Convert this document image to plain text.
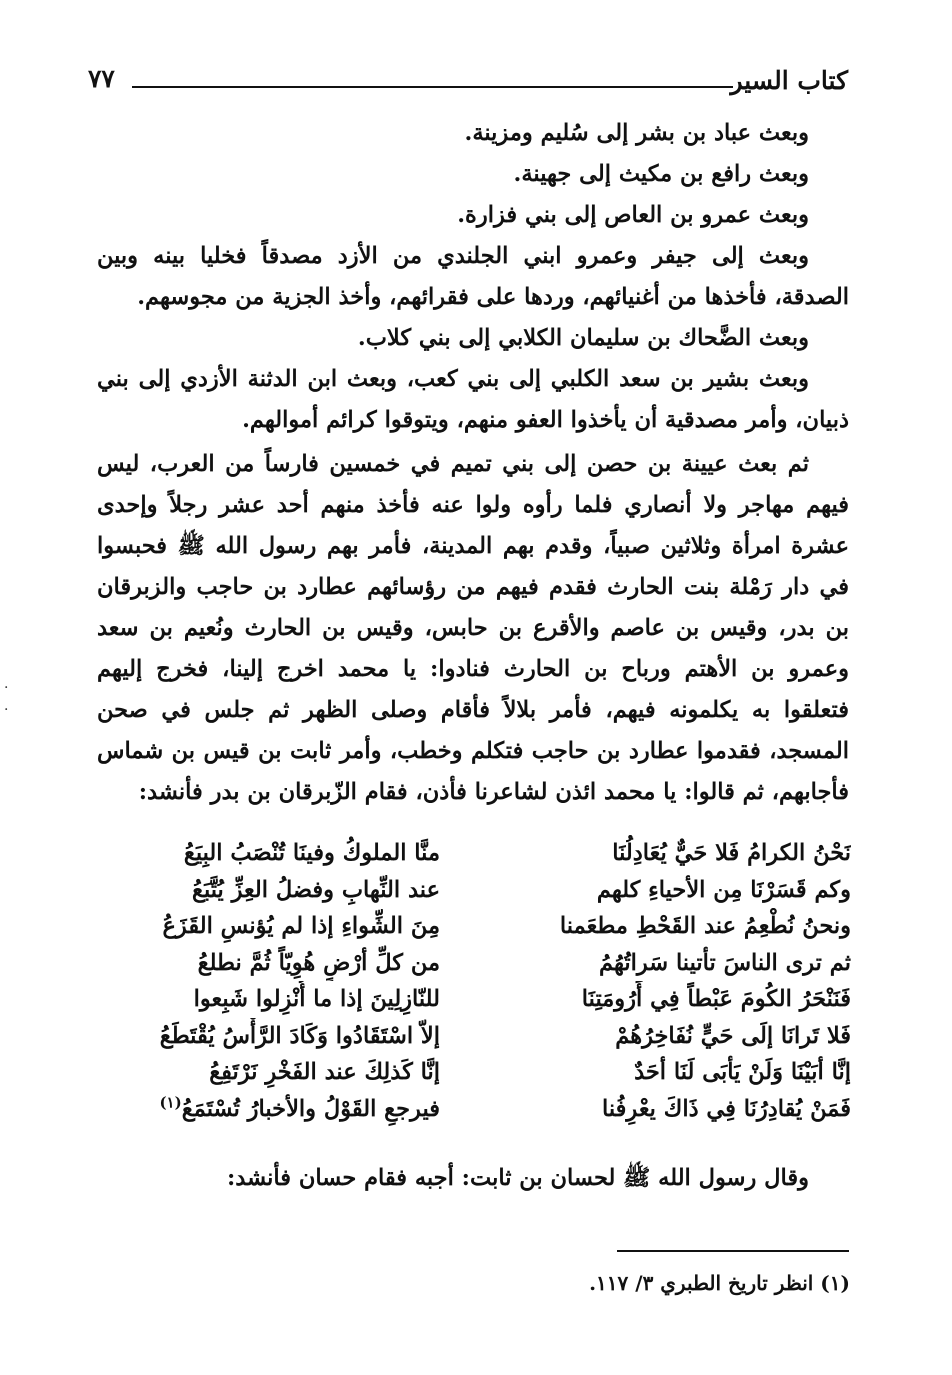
كتاب السير
٧٧

وبعث عباد بن بشر إلى سُليم ومزينة.

وبعث رافع بن مكيث إلى جهينة.

وبعث عمرو بن العاص إلى بني فزارة.

وبعث إلى جيفر وعمرو ابني الجلندي من الأزد مصدقاً فخليا بينه وبين الصدقة، فأخذها من أغنيائهم، وردها على فقرائهم، وأخذ الجزية من مجوسهم.

وبعث الضَّحاك بن سليمان الكلابي إلى بني كلاب.

وبعث بشير بن سعد الكلبي إلى بني كعب، وبعث ابن الدثنة الأزدي إلى بني ذبيان، وأمر مصدقية أن يأخذوا العفو منهم، ويتوقوا كرائم أموالهم.

ثم بعث عيينة بن حصن إلى بني تميم في خمسين فارساً من العرب، ليس فيهم مهاجر ولا أنصاري فلما رأوه ولوا عنه فأخذ منهم أحد عشر رجلاً وإحدى عشرة امرأة وثلاثين صبياً، وقدم بهم المدينة، فأمر بهم رسول الله ﷺ فحبسوا في دار رَمْلة بنت الحارث فقدم فيهم من رؤسائهم عطارد بن حاجب والزبرقان بن بدر، وقيس بن عاصم والأقرع بن حابس، وقيس بن الحارث ونُعيم بن سعد وعمرو بن الأهتم ورباح بن الحارث فنادوا: يا محمد اخرج إلينا، فخرج إليهم فتعلقوا به يكلمونه فيهم، فأمر بلالاً فأقام وصلى الظهر ثم جلس في صحن المسجد، فقدموا عطارد بن حاجب فتكلم وخطب، وأمر ثابت بن قيس بن شماس فأجابهم، ثم قالوا: يا محمد ائذن لشاعرنا فأذن، فقام الزّبرقان بن بدر فأنشد:

نَحْنُ الكرامُ فَلا حَيٌّ يُعَادِلُنَا
منَّا الملوكُ وفينَا تُنْصَبُ البِيَعُ
وكم قَسَرْنَا مِن الأحياءِ كلهم
عند النِّهابِ وفضلُ العِزِّ يُتَّبَعُ
ونحنُ نُطْعِمُ عند القَحْطِ مطعَمنا
مِنَ الشِّواءِ إذا لم يُؤنسِ القَزَعُ
ثم ترى الناسَ تأتينا سَراتُهُمُ
من كلِّ أرْضٍ هُوِيّاً ثُمَّ نطلعُ
فَنَنْحَرُ الكُومَ عَبْطاً فِي أَرُومَتِنَا
للنّازِلِينَ إذا ما أُنْزِلوا شَبِعوا
فَلا تَرانَا إلَى حَيٍّ نُفَاخِرُهُمْ
إلاّ اسْتَقَادُوا وَكَادَ الرَّأْسُ يُقْتَطَعُ
إنَّا أبَيْنَا وَلَنْ يَأبَى لَنَا أحَدٌ
إنَّا كَذلِكَ عند الفَخْرِ نَرْتَفِعُ
فَمَنْ يُقادِرُنَا فِي ذَاكَ يعْرِفُنا
فيرجعِ القَوْلُ والأخبارُ تُسْتَمَعُ$^{(١)}$
وقال رسول الله ﷺ لحسان بن ثابت: أجبه فقام حسان فأنشد:
(١) انظر تاريخ الطبري ٣/ ١١٧.
·
·
